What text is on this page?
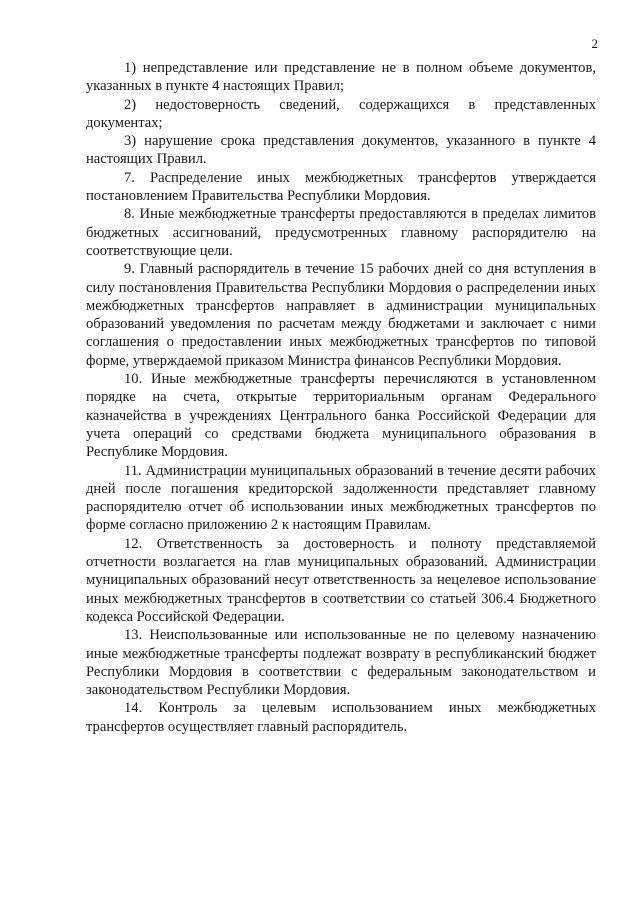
2

1) непредставление или представление не в полном объеме документов, указанных в пункте 4 настоящих Правил;

2) недостоверность сведений, содержащихся в представленных документах;

3) нарушение срока представления документов, указанного в пункте 4 настоящих Правил.

7. Распределение иных межбюджетных трансфертов утверждается постановлением Правительства Республики Мордовия.

8. Иные межбюджетные трансферты предоставляются в пределах лимитов бюджетных ассигнований, предусмотренных главному распорядителю на соответствующие цели.

9. Главный распорядитель в течение 15 рабочих дней со дня вступления в силу постановления Правительства Республики Мордовия о распределении иных межбюджетных трансфертов направляет в администрации муниципальных образований уведомления по расчетам между бюджетами и заключает с ними соглашения о предоставлении иных межбюджетных трансфертов по типовой форме, утверждаемой приказом Министра финансов Республики Мордовия.

10. Иные межбюджетные трансферты перечисляются в установленном порядке на счета, открытые территориальным органам Федерального казначейства в учреждениях Центрального банка Российской Федерации для учета операций со средствами бюджета муниципального образования в Республике Мордовия.

11. Администрации муниципальных образований в течение десяти рабочих дней после погашения кредиторской задолженности представляет главному распорядителю отчет об использовании иных межбюджетных трансфертов по форме согласно приложению 2 к настоящим Правилам.

12. Ответственность за достоверность и полноту представляемой отчетности возлагается на глав муниципальных образований. Администрации муниципальных образований несут ответственность за нецелевое использование иных межбюджетных трансфертов в соответствии со статьей 306.4 Бюджетного кодекса Российской Федерации.

13. Неиспользованные или использованные не по целевому назначению иные межбюджетные трансферты подлежат возврату в республиканский бюджет Республики Мордовия в соответствии с федеральным законодательством и законодательством Республики Мордовия.

14. Контроль за целевым использованием иных межбюджетных трансфертов осуществляет главный распорядитель.
